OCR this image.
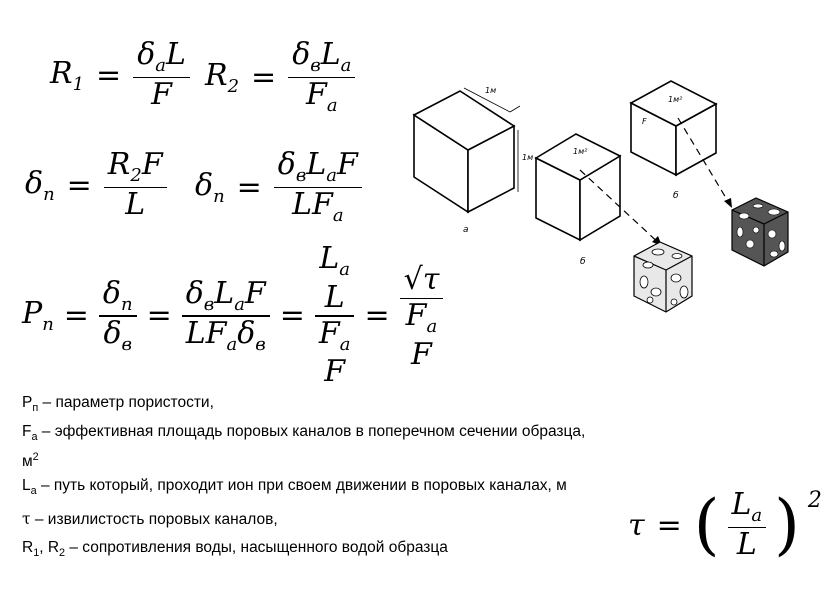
$R_1 = \frac{\delta_аL}{F} R_2 = \frac{\delta_вL_а}{F_а}$
$\delta_п = \frac{R_2F}{L} \delta_п = \frac{\delta_вL_аF}{LF_а}$
$P_п = \frac{\delta_п}{\delta_в} = \frac{\delta_вL_аF}{LF_а\delta_в}$ =
$L_а$
L
$F_а$
F
=
√τ
$F_а$
F
τ = ( $\frac{L_а}{L}$ ) $^2$

$P_п$ – параметр пористости,

$F_а$ – эффективная площадь поровых каналов в поперечном сечении образца, $м^2$

$L_а$ – путь который, проходит ион при своем движении в поровых каналах, м

τ – извилистость поровых каналов,

$R_1$, $R_2$ – сопротивления воды, насыщенного водой образца

1м
1м
а
1м²
б
1м²
F
б
